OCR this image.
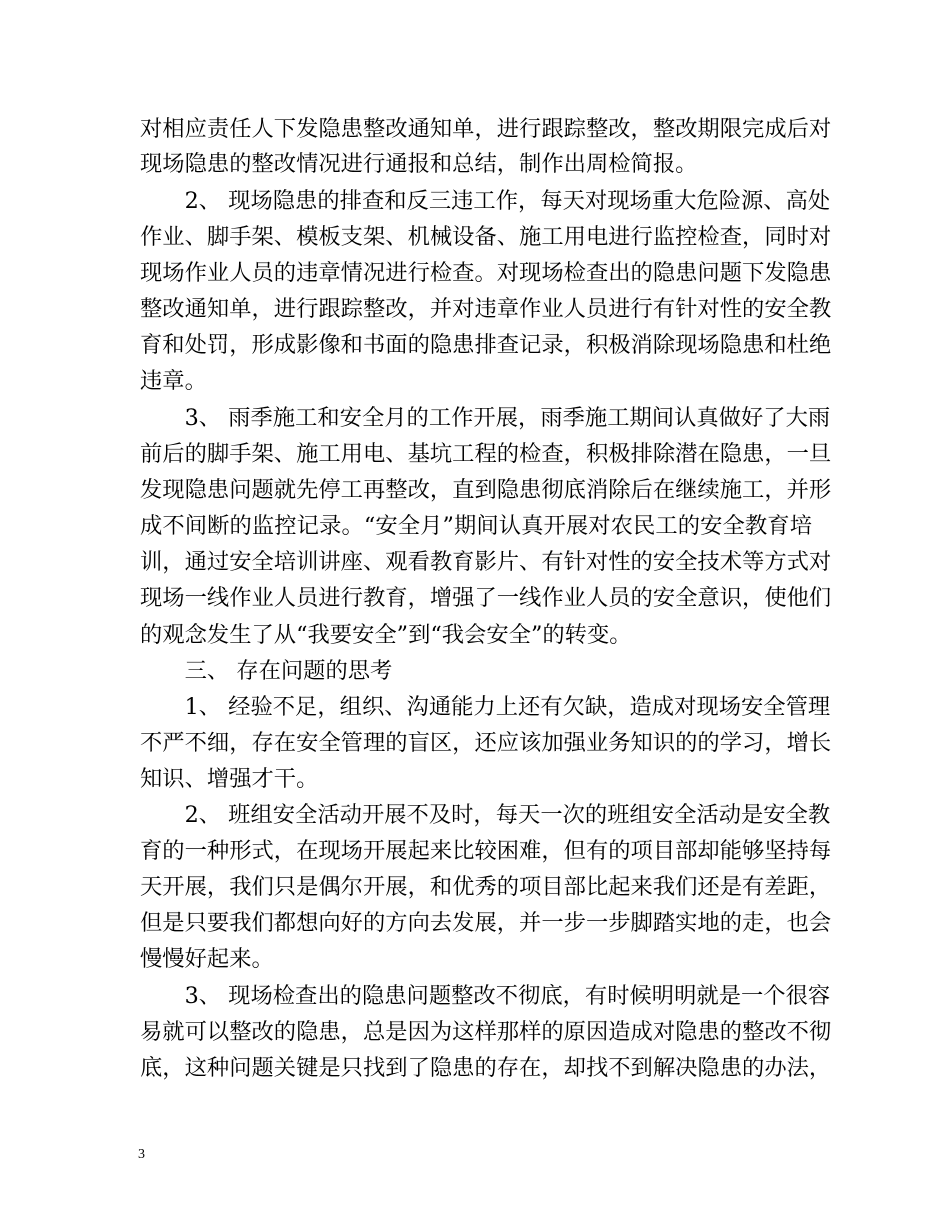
对相应责任人下发隐患整改通知单，进行跟踪整改，整改期限完成后对
现场隐患的整改情况进行通报和总结，制作出周检简报。
　　2、 现场隐患的排查和反三违工作，每天对现场重大危险源、高处
作业、脚手架、模板支架、机械设备、施工用电进行监控检查，同时对
现场作业人员的违章情况进行检查。对现场检查出的隐患问题下发隐患
整改通知单，进行跟踪整改，并对违章作业人员进行有针对性的安全教
育和处罚，形成影像和书面的隐患排查记录，积极消除现场隐患和杜绝
违章。
　　3、 雨季施工和安全月的工作开展，雨季施工期间认真做好了大雨
前后的脚手架、施工用电、基坑工程的检查，积极排除潜在隐患，一旦
发现隐患问题就先停工再整改，直到隐患彻底消除后在继续施工，并形
成不间断的监控记录。“安全月”期间认真开展对农民工的安全教育培
训，通过安全培训讲座、观看教育影片、有针对性的安全技术等方式对
现场一线作业人员进行教育，增强了一线作业人员的安全意识，使他们
的观念发生了从“我要安全”到“我会安全”的转变。
　　三、 存在问题的思考
　　1、 经验不足，组织、沟通能力上还有欠缺，造成对现场安全管理
不严不细，存在安全管理的盲区，还应该加强业务知识的的学习，增长
知识、增强才干。
　　2、 班组安全活动开展不及时，每天一次的班组安全活动是安全教
育的一种形式，在现场开展起来比较困难，但有的项目部却能够坚持每
天开展，我们只是偶尔开展，和优秀的项目部比起来我们还是有差距，
但是只要我们都想向好的方向去发展，并一步一步脚踏实地的走，也会
慢慢好起来。
　　3、 现场检查出的隐患问题整改不彻底，有时候明明就是一个很容
易就可以整改的隐患，总是因为这样那样的原因造成对隐患的整改不彻
底，这种问题关键是只找到了隐患的存在，却找不到解决隐患的办法，
3
